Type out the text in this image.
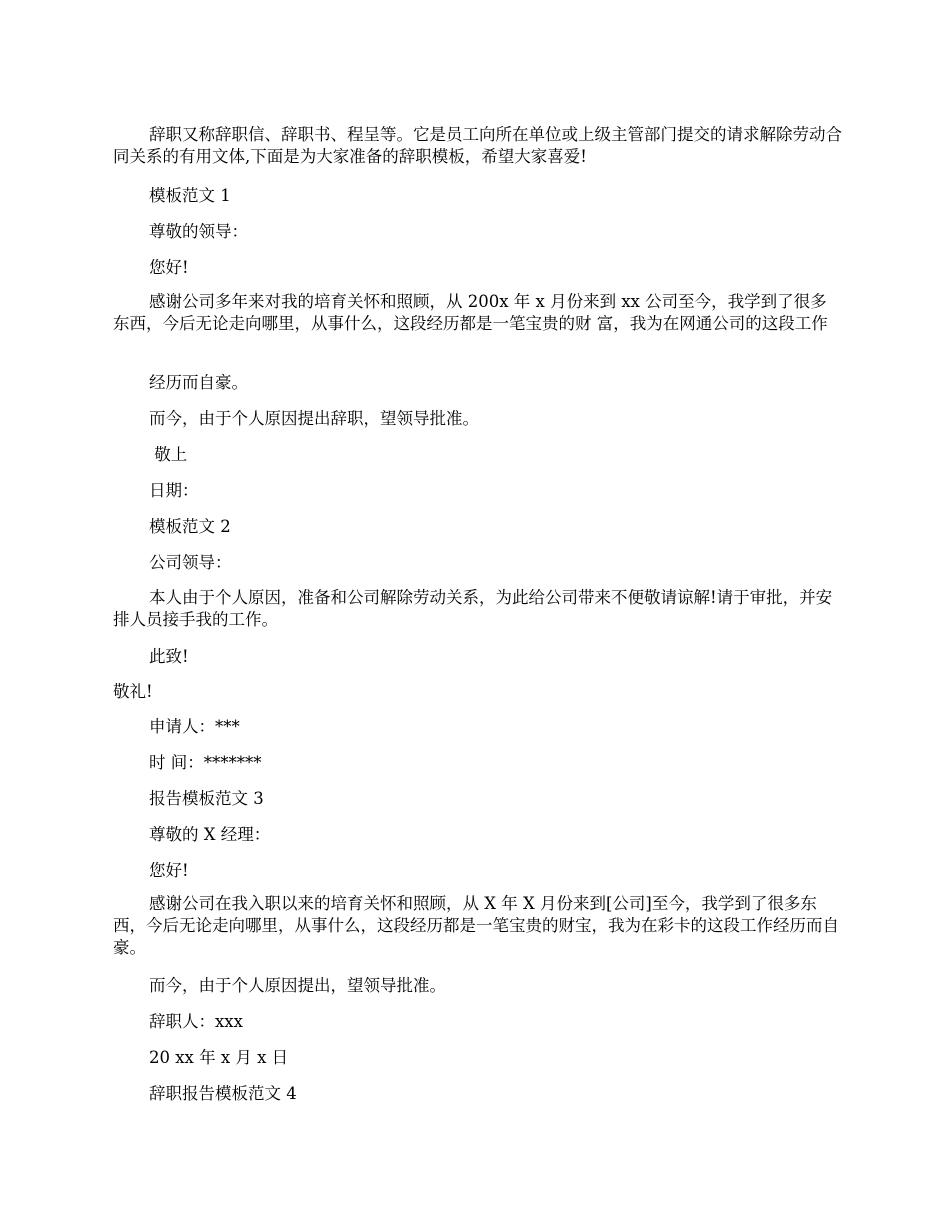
辞职又称辞职信、辞职书、程呈等。它是员工向所在单位或上级主管部门提交的请求解除劳动合同关系的有用文体,下面是为大家准备的辞职模板，希望大家喜爱!

模板范文 1

尊敬的领导：

您好!

感谢公司多年来对我的培育关怀和照顾，从 200x 年 x 月份来到 xx 公司至今，我学到了很多东西，今后无论走向哪里，从事什么，这段经历都是一笔宝贵的财 富，我为在网通公司的这段工作

经历而自豪。

而今，由于个人原因提出辞职，望领导批准。

敬上

日期：

模板范文 2

公司领导：

本人由于个人原因，准备和公司解除劳动关系，为此给公司带来不便敬请谅解!请于审批，并安排人员接手我的工作。

此致!

敬礼!

申请人：***

时 间：*******

报告模板范文 3

尊敬的 X 经理：

您好!

感谢公司在我入职以来的培育关怀和照顾，从 X 年 X 月份来到[公司]至今，我学到了很多东西，今后无论走向哪里，从事什么，这段经历都是一笔宝贵的财宝，我为在彩卡的这段工作经历而自豪。

而今，由于个人原因提出，望领导批准。

辞职人：xxx

20 xx 年 x 月 x 日

辞职报告模板范文 4
